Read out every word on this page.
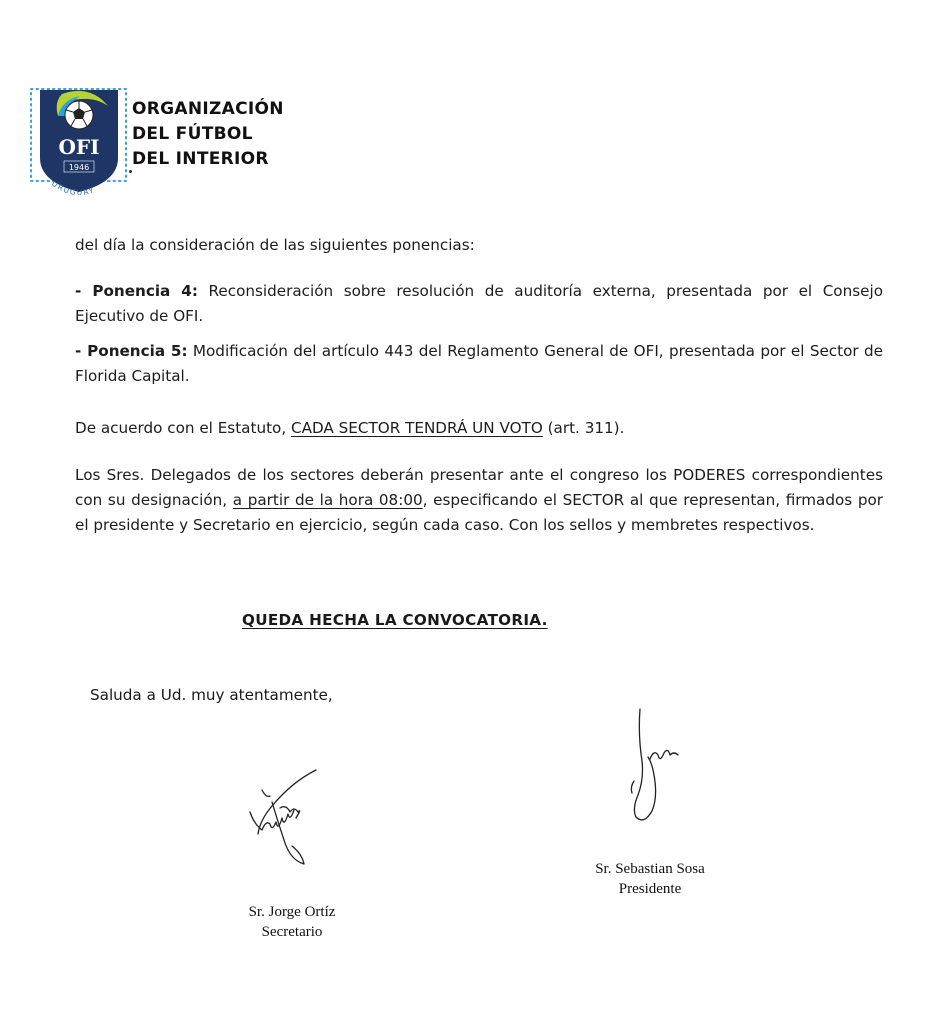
OFI
1946
URUGUAY
ORGANIZACIÓN
DEL FÚTBOL
DEL INTERIOR
del día la consideración de las siguientes ponencias:
- Ponencia 4: Reconsideración sobre resolución de auditoría externa, presentada por el Consejo Ejecutivo de OFI.
- Ponencia 5: Modificación del artículo 443 del Reglamento General de OFI, presentada por el Sector de Florida Capital.
De acuerdo con el Estatuto, CADA SECTOR TENDRÁ UN VOTO (art. 311).
Los Sres. Delegados de los sectores deberán presentar ante el congreso los PODERES correspondientes con su designación, a partir de la hora 08:00, especificando el SECTOR al que representan, firmados por el presidente y Secretario en ejercicio, según cada caso. Con los sellos y membretes respectivos.
QUEDA HECHA LA CONVOCATORIA.
Saluda a Ud. muy atentamente,
Sr. Jorge Ortíz
Secretario
Sr. Sebastian Sosa
Presidente
